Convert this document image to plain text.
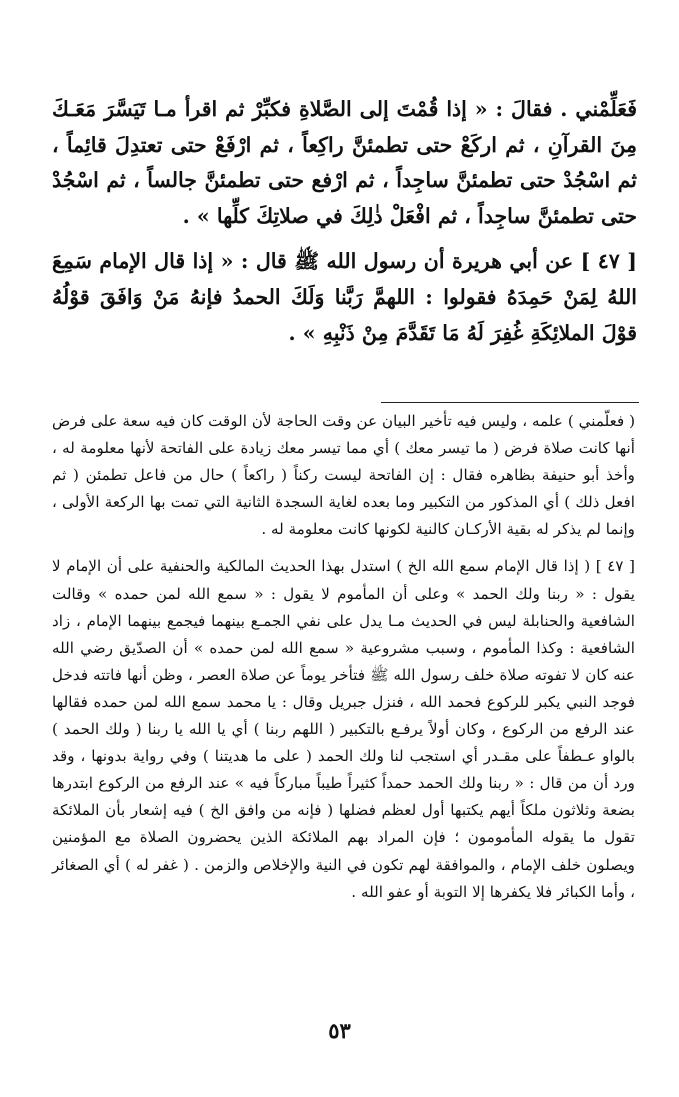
فَعَلِّمْني . فقالَ : « إذا قُمْتَ إلى الصَّلاةِ فكبِّرْ ثم اقرأ مـا تَيَسَّرَ مَعَـكَ مِنَ القرآنِ ، ثم اركَعْ حتى تطمئنَّ راكِعاً ، ثم ارْفَعْ حتى تعتدِلَ قائِماً ، ثم اسْجُدْ حتى تطمئنَّ ساجِداً ، ثم ارْفع حتى تطمئنَّ جالساً ، ثم اسْجُدْ حتى تطمئنَّ ساجِداً ، ثم افْعَلْ ذٰلِكَ في صلاتِكَ كلِّها » .

[ ٤٧ ] عن أبي هريرة أن رسول الله ﷺ قال : « إذا قال الإمام سَمِعَ اللهُ لِمَنْ حَمِدَهُ فقولوا : اللهمَّ رَبَّنا وَلَكَ الحمدُ فإنهُ مَنْ وَافَقَ قوْلُهُ قوْلَ الملائِكَةِ غُفِرَ لَهُ مَا تَقَدَّمَ مِنْ ذَنْبِهِ » .

( فعلّمني ) علمه ، وليس فيه تأخير البيان عن وقت الحاجة لأن الوقت كان فيه سعة على فرض أنها كانت صلاة فرض ( ما تيسر معك ) أي مما تيسر معك زيادة على الفاتحة لأنها معلومة له ، وأخذ أبو حنيفة بظاهره فقال : إن الفاتحة ليست ركناً ( راكعاً ) حال من فاعل تطمئن ( ثم افعل ذلك ) أي المذكور من التكبير وما بعده لغاية السجدة الثانية التي تمت بها الركعة الأولى ، وإنما لم يذكر له بقية الأركـان كالنية لكونها كانت معلومة له .

[ ٤٧ ] ( إذا قال الإمام سمع الله الخ ) استدل بهذا الحديث المالكية والحنفية على أن الإمام لا يقول : « ربنا ولك الحمد » وعلى أن المأموم لا يقول : « سمع الله لمن حمده » وقالت الشافعية والحنابلة ليس في الحديث مـا يدل على نفي الجمـع بينهما فيجمع بينهما الإمام ، زاد الشافعية : وكذا المأموم ، وسبب مشروعية « سمع الله لمن حمده » أن الصدّيق رضي الله عنه كان لا تفوته صلاة خلف رسول الله ﷺ فتأخر يوماً عن صلاة العصر ، وظن أنها فاتته فدخل فوجد النبي يكبر للركوع فحمد الله ، فنزل جبريل وقال : يا محمد سمع الله لمن حمده فقالها عند الرفع من الركوع ، وكان أولاً يرفـع بالتكبير ( اللهم ربنا ) أي يا الله يا ربنا ( ولك الحمد ) بالواو عـطفاً على مقـدر أي استجب لنا ولك الحمد ( على ما هديتنا ) وفي رواية بدونها ، وقد ورد أن من قال : « ربنا ولك الحمد حمداً كثيراً طيباً مباركاً فيه » عند الرفع من الركوع ابتدرها بضعة وثلاثون ملكاً أيهم يكتبها أول لعظم فضلها ( فإنه من وافق الخ ) فيه إشعار بأن الملائكة تقول ما يقوله المأمومون ؛ فإن المراد بهم الملائكة الذين يحضرون الصلاة مع المؤمنين ويصلون خلف الإمام ، والموافقة لهم تكون في النية والإخلاص والزمن . ( غفر له ) أي الصغائر ، وأما الكبائر فلا يكفرها إلا التوبة أو عفو الله .

٥٣
